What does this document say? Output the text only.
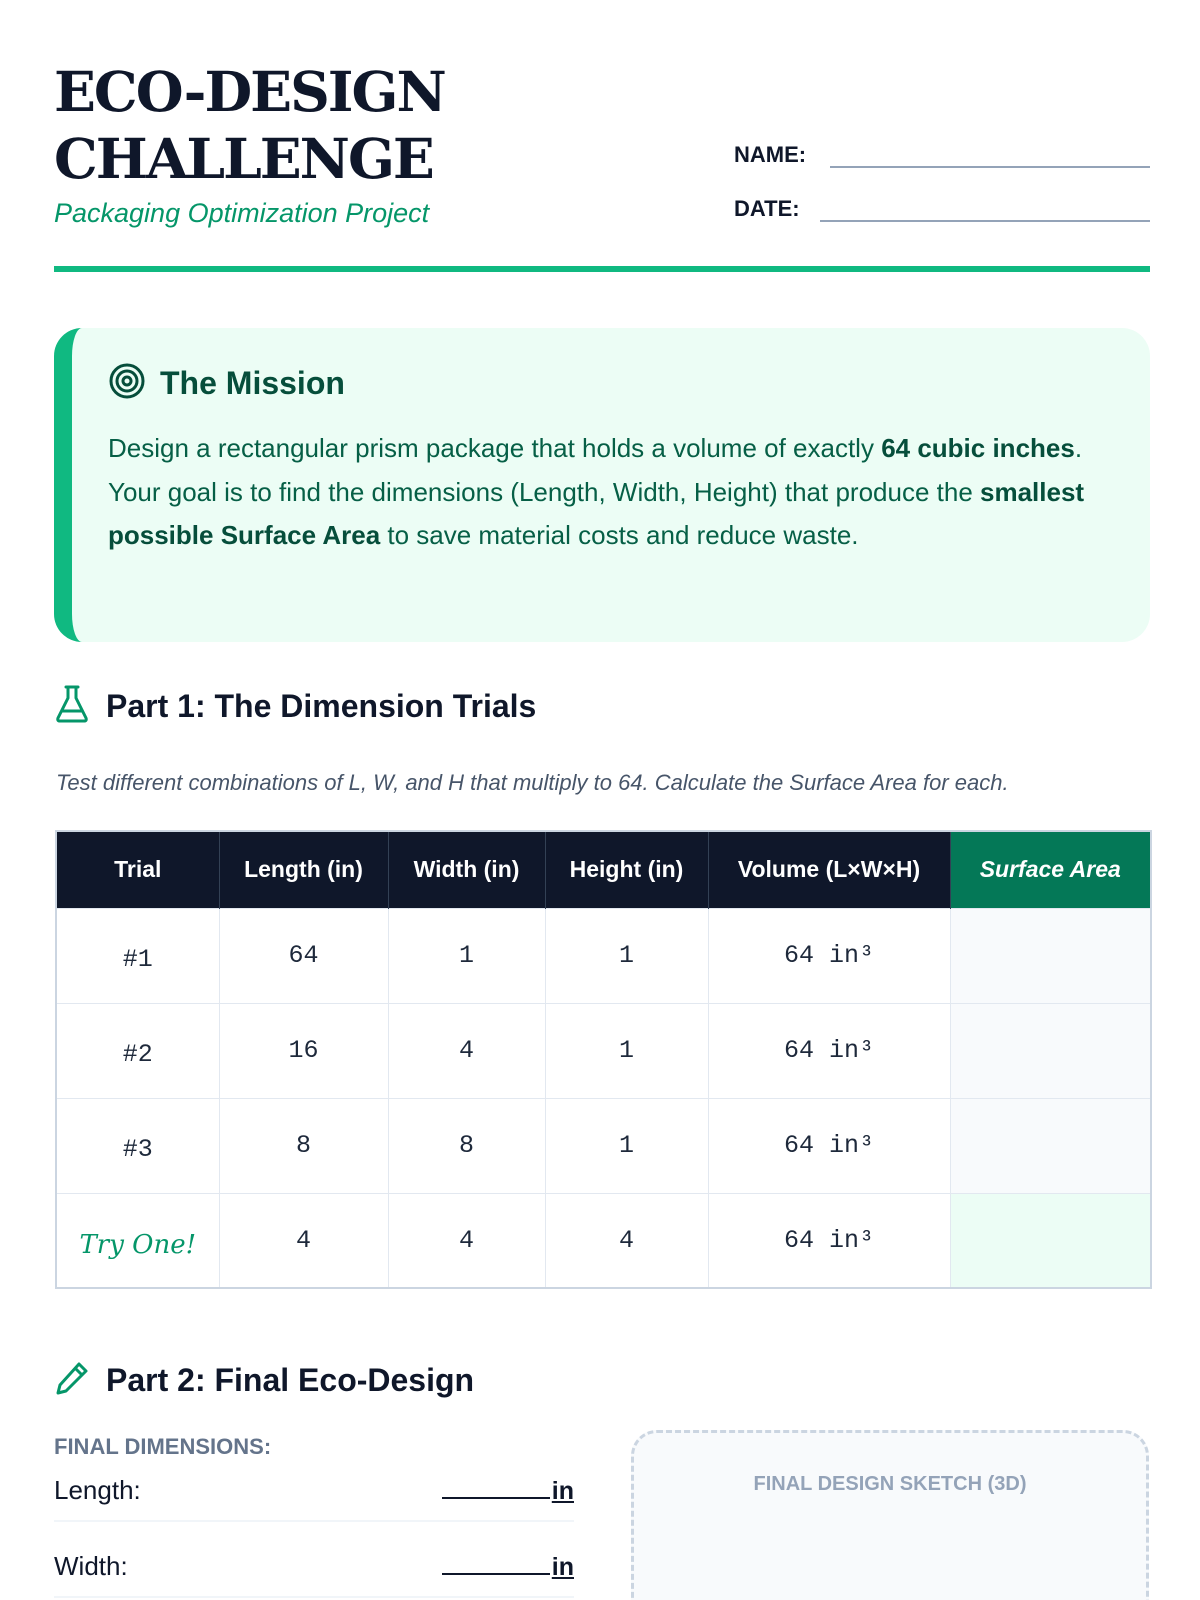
ECO-DESIGN
CHALLENGE
Packaging Optimization Project
NAME:
DATE:
The Mission

Design a rectangular prism package that holds a volume of exactly 64 cubic inches. Your goal is to find the dimensions (Length, Width, Height) that produce the smallest possible Surface Area to save material costs and reduce waste.

Part 1: The Dimension Trials
Test different combinations of L, W, and H that multiply to 64. Calculate the Surface Area for each.
Trial	Length (in)	Width (in)	Height (in)	Volume (L×W×H)	Surface Area
#1	64	1	1	64 in³	
#2	16	4	1	64 in³	
#3	8	8	1	64 in³	
Try One!	4	4	4	64 in³	
Part 2: Final Eco-Design
FINAL DIMENSIONS:
Length:	in
Width:	in
FINAL DESIGN SKETCH (3D)
